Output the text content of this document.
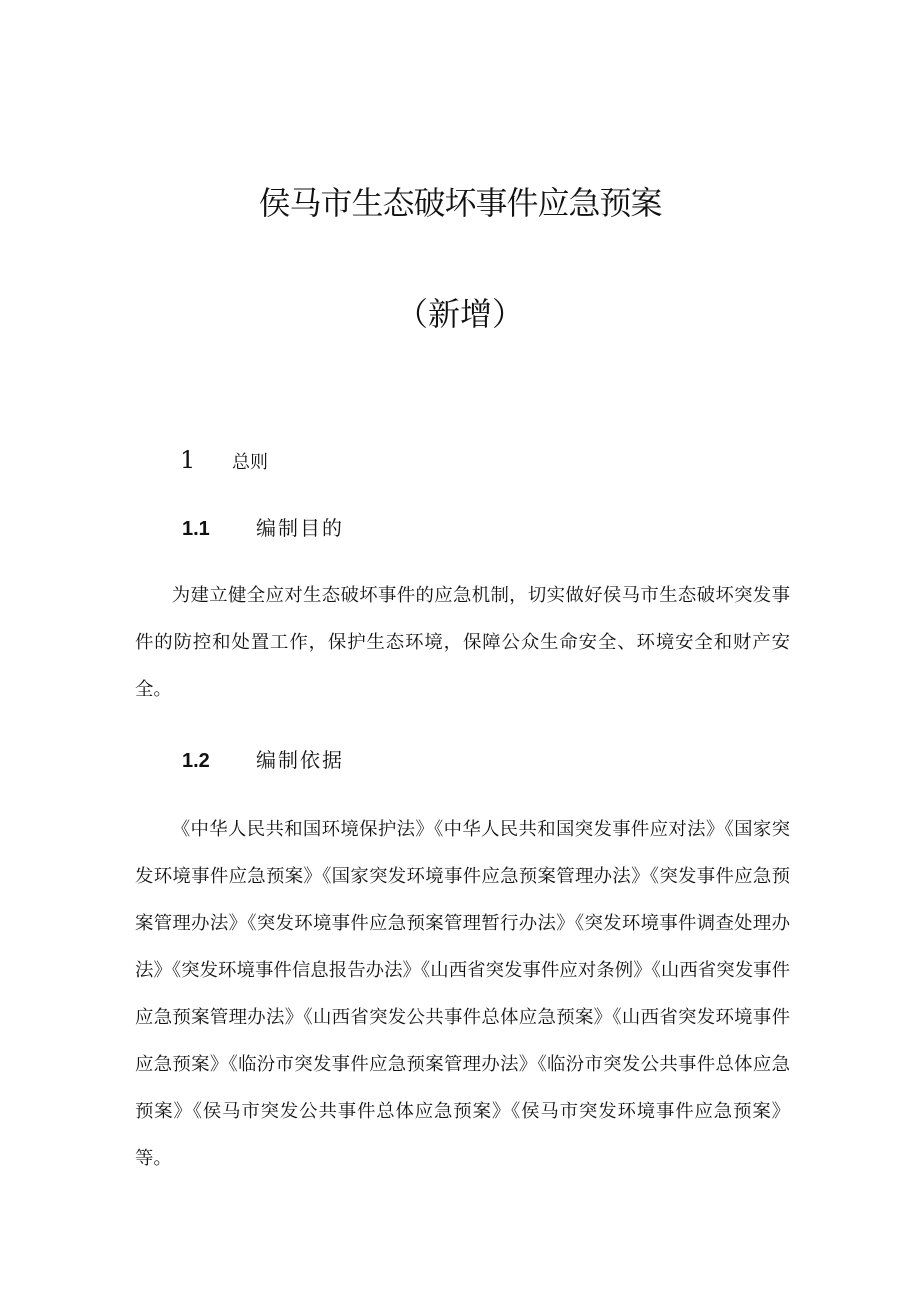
侯马市生态破坏事件应急预案
（新增）
1 总则
1.1 编制目的

为建立健全应对生态破坏事件的应急机制，切实做好侯马市生态破坏突发事件的防控和处置工作，保护生态环境，保障公众生命安全、环境安全和财产安全。

1.2 编制依据

《中华人民共和国环境保护法》《中华人民共和国突发事件应对法》《国家突发环境事件应急预案》《国家突发环境事件应急预案管理办法》《突发事件应急预案管理办法》《突发环境事件应急预案管理暂行办法》《突发环境事件调查处理办法》《突发环境事件信息报告办法》《山西省突发事件应对条例》《山西省突发事件应急预案管理办法》《山西省突发公共事件总体应急预案》《山西省突发环境事件应急预案》《临汾市突发事件应急预案管理办法》《临汾市突发公共事件总体应急预案》《侯马市突发公共事件总体应急预案》《侯马市突发环境事件应急预案》等。
